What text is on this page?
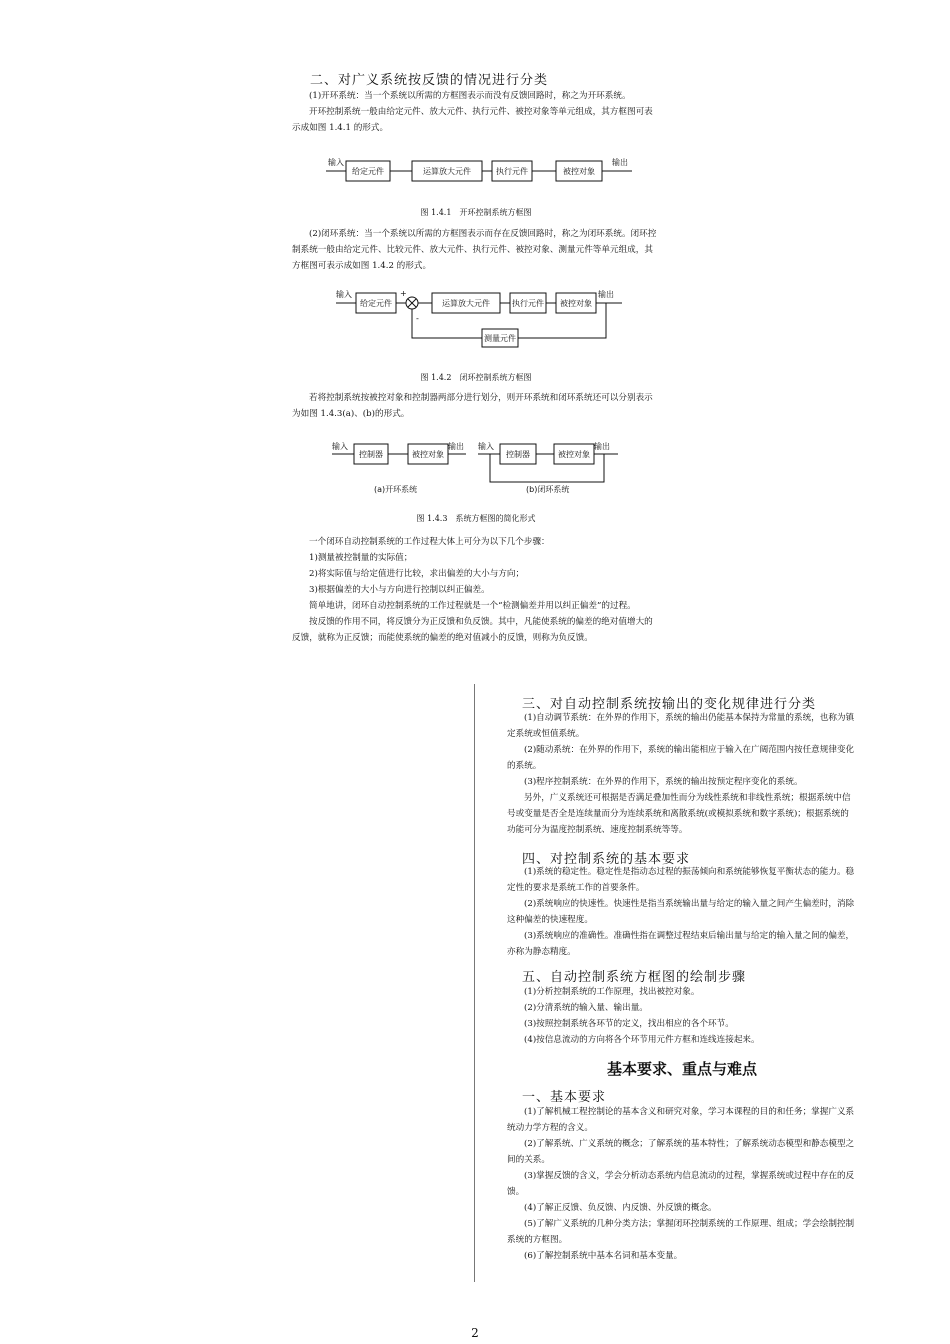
二、对广义系统按反馈的情况进行分类

(1)开环系统：当一个系统以所需的方框图表示而没有反馈回路时，称之为开环系统。

开环控制系统一般由给定元件、放大元件、执行元件、被控对象等单元组成，其方框图可表示成如图 1.4.1 的形式。

输入
给定元件	运算放大元件	执行元件	被控对象
输出
图 1.4.1　开环控制系统方框图

(2)闭环系统：当一个系统以所需的方框图表示而存在反馈回路时，称之为闭环系统。闭环控制系统一般由给定元件、比较元件、放大元件、执行元件、被控对象、测量元件等单元组成，其方框图可表示成如图 1.4.2 的形式。

输入
给定元件
+
-
运算放大元件	执行元件 被控对象
输出
测量元件
图 1.4.2　闭环控制系统方框图

若将控制系统按被控对象和控制器两部分进行划分，则开环系统和闭环系统还可以分别表示为如图 1.4.3(a)、(b)的形式。

输入
控制器	被控对象
输出 输入
控制器	被控对象
输出
(a)开环系统	(b)闭环系统
图 1.4.3　系统方框图的简化形式

一个闭环自动控制系统的工作过程大体上可分为以下几个步骤：

1)测量被控制量的实际值；

2)将实际值与给定值进行比较，求出偏差的大小与方向；

3)根据偏差的大小与方向进行控制以纠正偏差。

简单地讲，闭环自动控制系统的工作过程就是一个“检测偏差并用以纠正偏差”的过程。

按反馈的作用不同，将反馈分为正反馈和负反馈。其中，凡能使系统的偏差的绝对值增大的反馈，就称为正反馈；而能使系统的偏差的绝对值减小的反馈，则称为负反馈。

三、对自动控制系统按输出的变化规律进行分类

(1)自动调节系统：在外界的作用下，系统的输出仍能基本保持为常量的系统，也称为镇定系统或恒值系统。

(2)随动系统：在外界的作用下，系统的输出能相应于输入在广阔范围内按任意规律变化的系统。

(3)程序控制系统：在外界的作用下，系统的输出按预定程序变化的系统。

另外，广义系统还可根据是否满足叠加性而分为线性系统和非线性系统；根据系统中信号或变量是否全是连续量而分为连续系统和离散系统(或模拟系统和数字系统)；根据系统的功能可分为温度控制系统、速度控制系统等等。

四、对控制系统的基本要求

(1)系统的稳定性。稳定性是指动态过程的振荡倾向和系统能够恢复平衡状态的能力。稳定性的要求是系统工作的首要条件。

(2)系统响应的快速性。快速性是指当系统输出量与给定的输入量之间产生偏差时，消除这种偏差的快速程度。

(3)系统响应的准确性。准确性指在调整过程结束后输出量与给定的输入量之间的偏差，亦称为静态精度。

五、自动控制系统方框图的绘制步骤

(1)分析控制系统的工作原理，找出被控对象。

(2)分清系统的输入量、输出量。

(3)按照控制系统各环节的定义，找出相应的各个环节。

(4)按信息流动的方向将各个环节用元件方框和连线连接起来。

基本要求、重点与难点
一、基本要求

(1)了解机械工程控制论的基本含义和研究对象，学习本课程的目的和任务；掌握广义系统动力学方程的含义。

(2)了解系统、广义系统的概念；了解系统的基本特性；了解系统动态模型和静态模型之间的关系。

(3)掌握反馈的含义，学会分析动态系统内信息流动的过程，掌握系统或过程中存在的反馈。

(4)了解正反馈、负反馈、内反馈、外反馈的概念。

(5)了解广义系统的几种分类方法；掌握闭环控制系统的工作原理、组成；学会绘制控制系统的方框图。

(6)了解控制系统中基本名词和基本变量。

2
